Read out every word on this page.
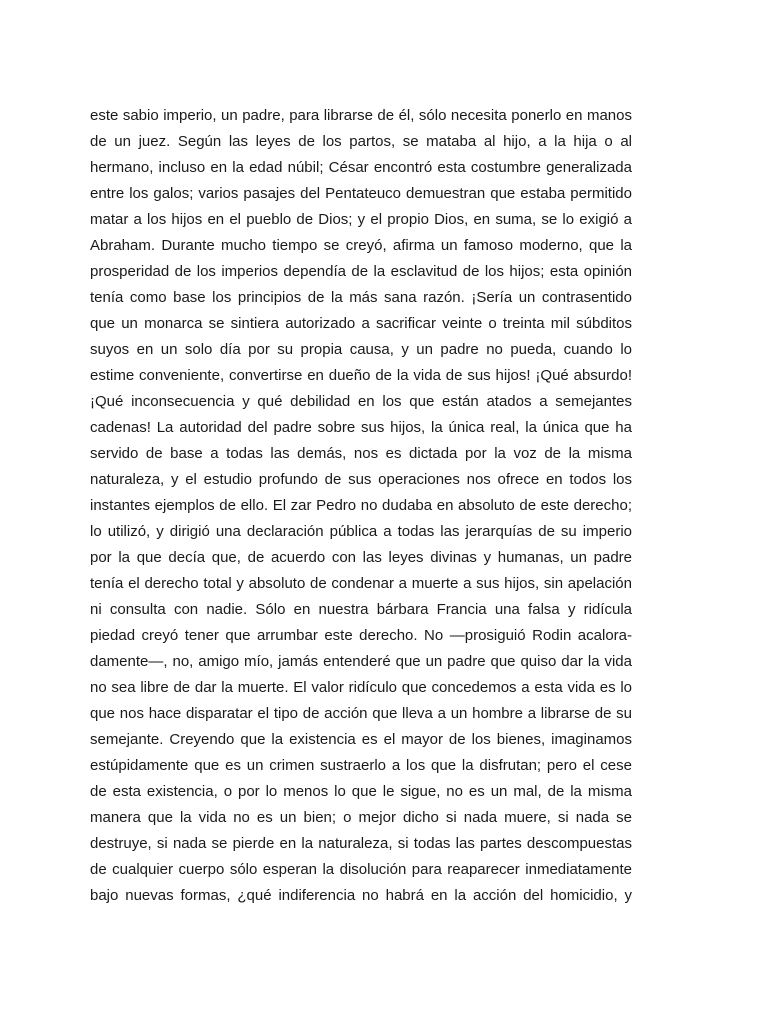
este sabio imperio, un padre, para librarse de él, sólo necesita ponerlo en manos
de un juez. Según las leyes de los partos, se mataba al hijo, a la hija o al
hermano, incluso en la edad núbil; César encontró esta costumbre generalizada
entre los galos; varios pasajes del Pentateuco demuestran que estaba permitido
matar a los hijos en el pueblo de Dios; y el propio Dios, en suma, se lo exigió a
Abraham. Durante mucho tiempo se creyó, afirma un famoso moderno, que la
prosperidad de los imperios dependía de la esclavitud de los hijos; esta opinión
tenía como base los principios de la más sana razón. ¡Sería un contrasentido
que un monarca se sintiera autorizado a sacrificar veinte o treinta mil súbditos
suyos en un solo día por su propia causa, y un padre no pueda, cuando lo
estime conveniente, convertirse en dueño de la vida de sus hijos! ¡Qué absurdo!
¡Qué inconsecuencia y qué debilidad en los que están atados a semejantes
cadenas! La autoridad del padre sobre sus hijos, la única real, la única que ha
servido de base a todas las demás, nos es dictada por la voz de la misma
naturaleza, y el estudio profundo de sus operaciones nos ofrece en todos los
instantes ejemplos de ello. El zar Pedro no dudaba en absoluto de este derecho;
lo utilizó, y dirigió una declaración pública a todas las jerarquías de su imperio
por la que decía que, de acuerdo con las leyes divinas y humanas, un padre
tenía el derecho total y absoluto de condenar a muerte a sus hijos, sin apelación
ni consulta con nadie. Sólo en nuestra bárbara Francia una falsa y ridícula
piedad creyó tener que arrumbar este derecho. No —prosiguió Rodin acalora-
damente—, no, amigo mío, jamás entenderé que un padre que quiso dar la vida
no sea libre de dar la muerte. El valor ridículo que concedemos a esta vida es lo
que nos hace disparatar el tipo de acción que lleva a un hombre a librarse de su
semejante. Creyendo que la existencia es el mayor de los bienes, imaginamos
estúpidamente que es un crimen sustraerlo a los que la disfrutan; pero el cese
de esta existencia, o por lo menos lo que le sigue, no es un mal, de la misma
manera que la vida no es un bien; o mejor dicho si nada muere, si nada se
destruye, si nada se pierde en la naturaleza, si todas las partes descompuestas
de cualquier cuerpo sólo esperan la disolución para reaparecer inmediatamente
bajo nuevas formas, ¿qué indiferencia no habrá en la acción del homicidio, y
